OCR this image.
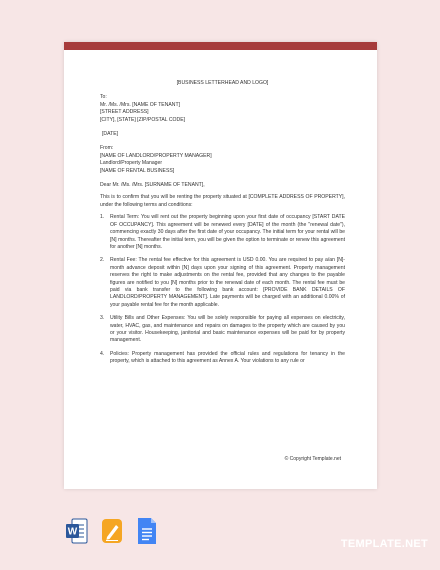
[BUSINESS LETTERHEAD AND LOGO]
To:
Mr. /Ms. /Mrs. [NAME OF TENANT]
[STREET ADDRESS]
[CITY], [STATE] [ZIP/POSTAL CODE]
[DATE]
From:
[NAME OF LANDLORD/PROPERTY MANAGER]
Landlord/Property Manager
[NAME OF RENTAL BUSINESS]
Dear Mr. /Ms. /Mrs. [SURNAME OF TENANT],
This is to confirm that you will be renting the property situated at [COMPLETE ADDRESS OF PROPERTY], under the following terms and conditions:
1.	Rental Term: You will rent out the property beginning upon your first date of occupancy [START DATE OF OCCUPANCY]. This agreement will be renewed every [DATE] of the month (the "renewal date"), commencing exactly 30 days after the first date of your occupancy. The initial term for your rental will be [N] months. Thereafter the initial term, you will be given the option to terminate or renew this agreement for another [N] months.
2.	Rental Fee: The rental fee effective for this agreement is USD 0.00. You are required to pay a/an [N]-month advance deposit within [N] days upon your signing of this agreement. Property management reserves the right to make adjustments on the rental fee, provided that any changes to the payable figures are notified to you [N] months prior to the renewal date of each month. The rental fee must be paid via bank transfer to the following bank account: [PROVIDE BANK DETAILS OF LANDLORD/PROPERTY MANAGEMENT]. Late payments will be charged with an additional 0.00% of your payable rental fee for the month applicable.
3.	Utility Bills and Other Expenses: You will be solely responsible for paying all expenses on electricity, water, HVAC, gas, and maintenance and repairs on damages to the property which are caused by you or your visitor. Housekeeping, janitorial and basic maintenance expenses will be paid for by property management.
4.	Policies: Property management has provided the official rules and regulations for tenancy in the property, which is attached to this agreement as Annex A. Your violations to any rule or
© Copyright Template.net
W
TEMPLATE.NET
